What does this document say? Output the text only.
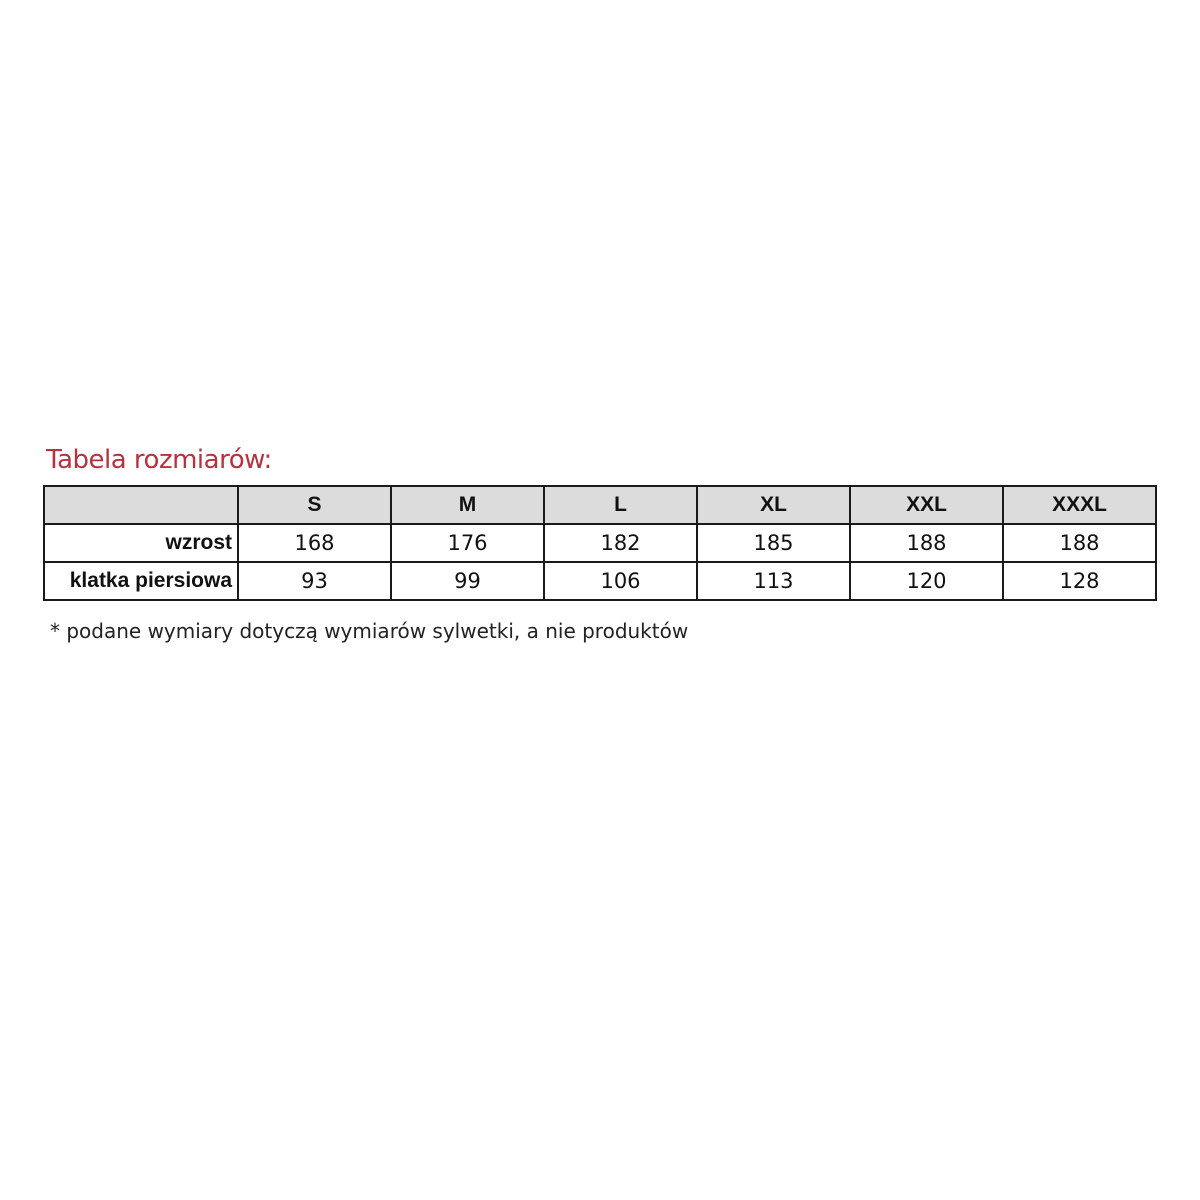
Tabela rozmiarów:
	S	M	L	XL	XXL	XXXL
wzrost	168	176	182	185	188	188
klatka piersiowa	93	99	106	113	120	128
* podane wymiary dotyczą wymiarów sylwetki, a nie produktów
